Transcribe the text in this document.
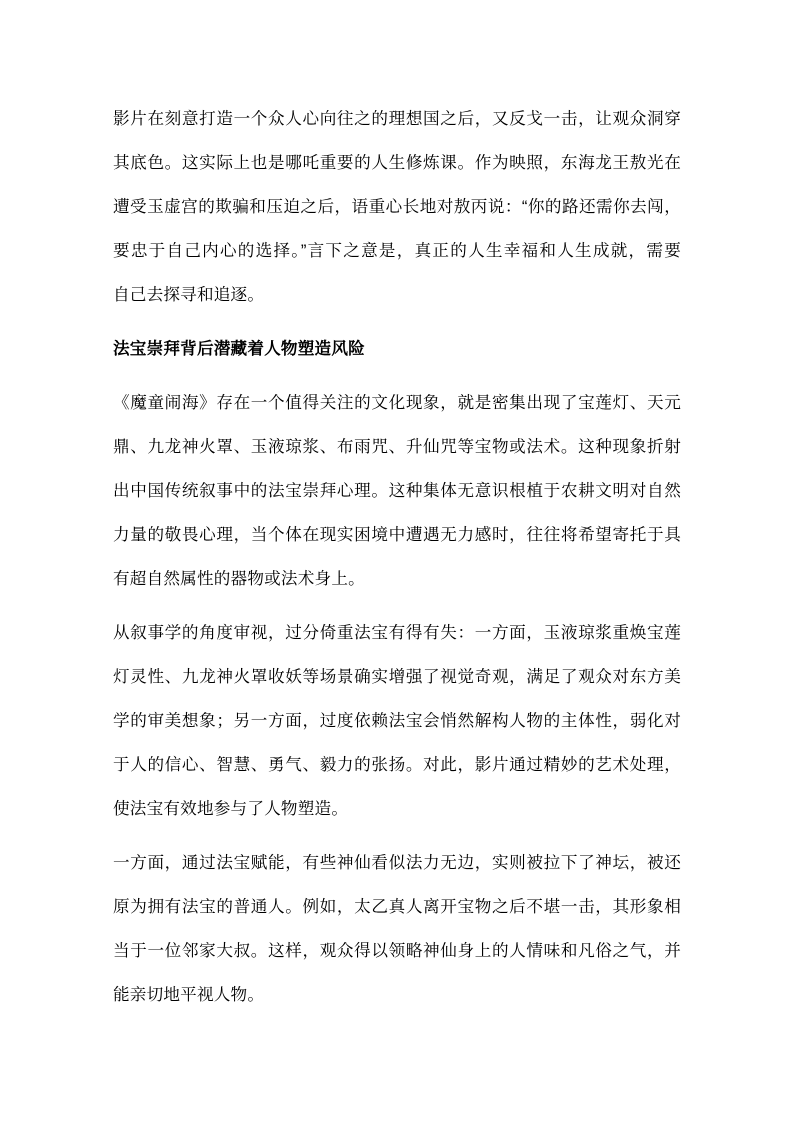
影片在刻意打造一个众人心向往之的理想国之后，又反戈一击，让观众洞穿
其底色。这实际上也是哪吒重要的人生修炼课。作为映照，东海龙王敖光在
遭受玉虚宫的欺骗和压迫之后，语重心长地对敖丙说：“你的路还需你去闯，
要忠于自己内心的选择。”言下之意是，真正的人生幸福和人生成就，需要
自己去探寻和追逐。
法宝崇拜背后潜藏着人物塑造风险
《魔童闹海》存在一个值得关注的文化现象，就是密集出现了宝莲灯、天元
鼎、九龙神火罩、玉液琼浆、布雨咒、升仙咒等宝物或法术。这种现象折射
出中国传统叙事中的法宝崇拜心理。这种集体无意识根植于农耕文明对自然
力量的敬畏心理，当个体在现实困境中遭遇无力感时，往往将希望寄托于具
有超自然属性的器物或法术身上。
从叙事学的角度审视，过分倚重法宝有得有失：一方面，玉液琼浆重焕宝莲
灯灵性、九龙神火罩收妖等场景确实增强了视觉奇观，满足了观众对东方美
学的审美想象；另一方面，过度依赖法宝会悄然解构人物的主体性，弱化对
于人的信心、智慧、勇气、毅力的张扬。对此，影片通过精妙的艺术处理，
使法宝有效地参与了人物塑造。
一方面，通过法宝赋能，有些神仙看似法力无边，实则被拉下了神坛，被还
原为拥有法宝的普通人。例如，太乙真人离开宝物之后不堪一击，其形象相
当于一位邻家大叔。这样，观众得以领略神仙身上的人情味和凡俗之气，并
能亲切地平视人物。
